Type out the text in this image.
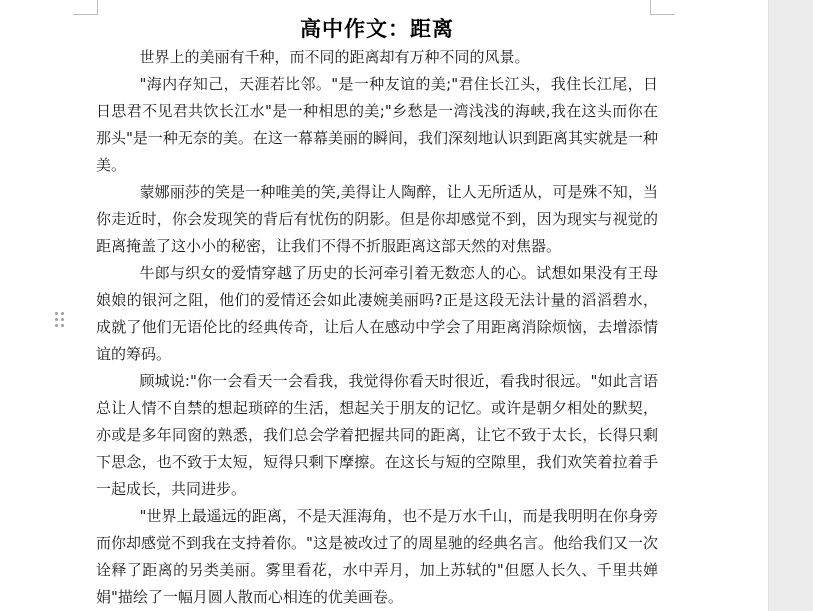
高中作文：距离

世界上的美丽有千种，而不同的距离却有万种不同的风景。

"海内存知己，天涯若比邻。"是一种友谊的美;"君住长江头，我住长江尾，日日思君不见君共饮长江水"是一种相思的美;"乡愁是一湾浅浅的海峡,我在这头而你在那头"是一种无奈的美。在这一幕幕美丽的瞬间，我们深刻地认识到距离其实就是一种美。

蒙娜丽莎的笑是一种唯美的笑,美得让人陶醉，让人无所适从，可是殊不知，当你走近时，你会发现笑的背后有忧伤的阴影。但是你却感觉不到，因为现实与视觉的距离掩盖了这小小的秘密，让我们不得不折服距离这部天然的对焦器。

牛郎与织女的爱情穿越了历史的长河牵引着无数恋人的心。试想如果没有王母娘娘的银河之阻，他们的爱情还会如此凄婉美丽吗?正是这段无法计量的滔滔碧水，成就了他们无语伦比的经典传奇，让后人在感动中学会了用距离消除烦恼，去增添情谊的筹码。

顾城说:"你一会看天一会看我，我觉得你看天时很近，看我时很远。"如此言语总让人情不自禁的想起琐碎的生活，想起关于朋友的记忆。或许是朝夕相处的默契，亦或是多年同窗的熟悉，我们总会学着把握共同的距离，让它不致于太长，长得只剩下思念，也不致于太短，短得只剩下摩擦。在这长与短的空隙里，我们欢笑着拉着手一起成长，共同进步。

"世界上最遥远的距离，不是天涯海角，也不是万水千山，而是我明明在你身旁而你却感觉不到我在支持着你。"这是被改过了的周星驰的经典名言。他给我们又一次诠释了距离的另类美丽。雾里看花，水中弄月，加上苏轼的"但愿人长久、千里共婵娟"描绘了一幅月圆人散而心相连的优美画卷。
